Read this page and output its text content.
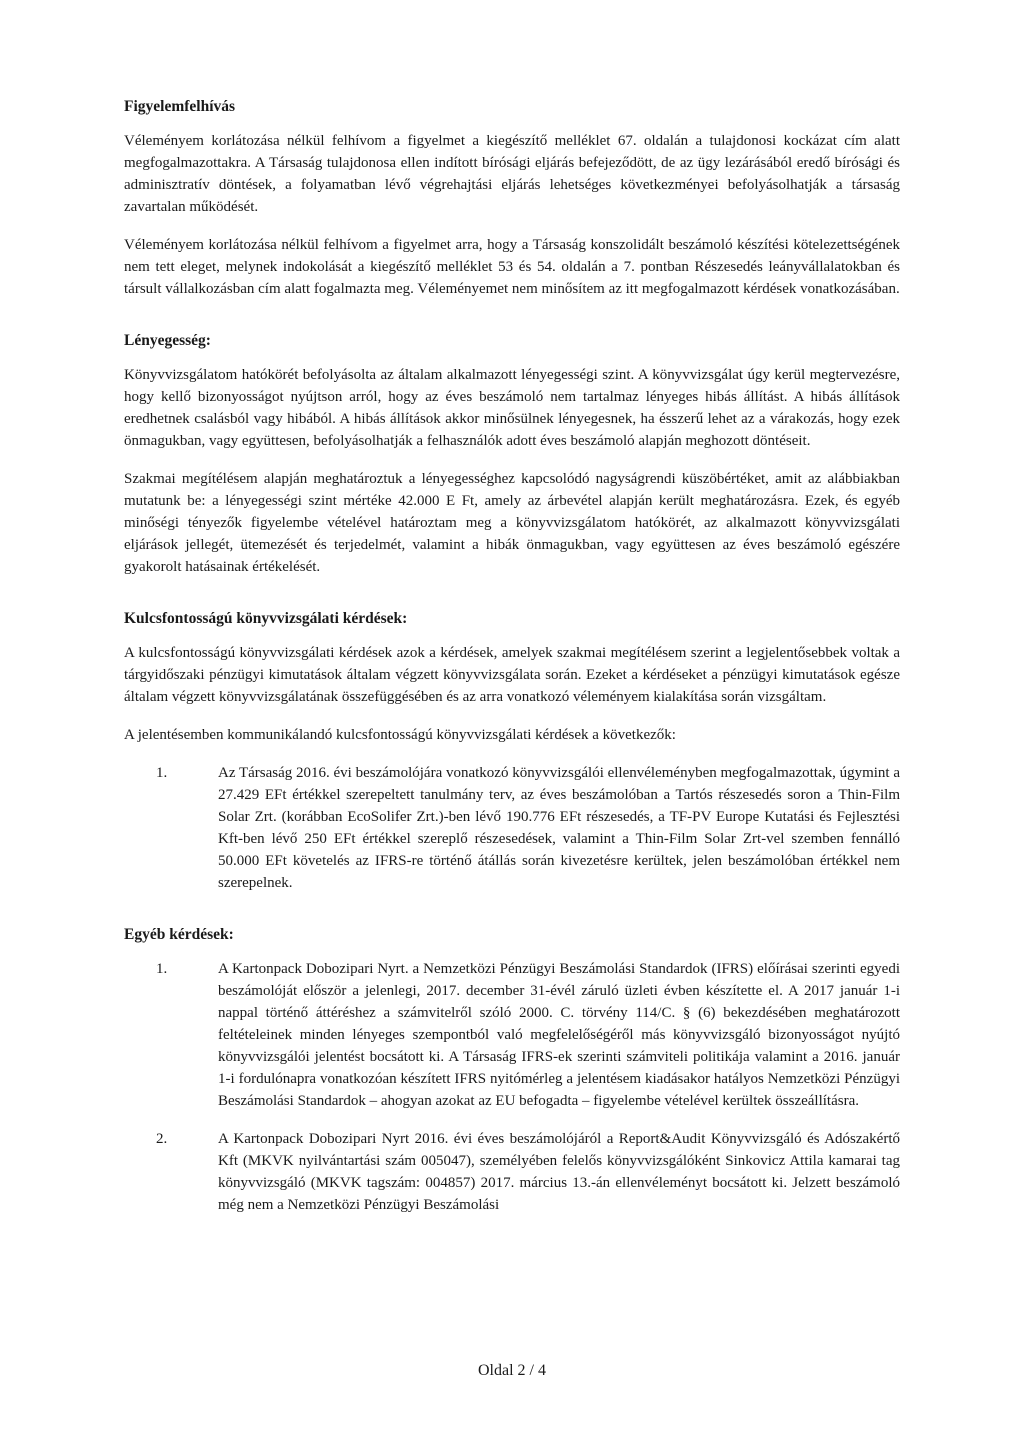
Figyelemfelhívás

Véleményem korlátozása nélkül felhívom a figyelmet a kiegészítő melléklet 67. oldalán a tulajdonosi kockázat cím alatt megfogalmazottakra. A Társaság tulajdonosa ellen indított bírósági eljárás befejeződött, de az ügy lezárásából eredő bírósági és adminisztratív döntések, a folyamatban lévő végrehajtási eljárás lehetséges következményei befolyásolhatják a társaság zavartalan működését.

Véleményem korlátozása nélkül felhívom a figyelmet arra, hogy a Társaság konszolidált beszámoló készítési kötelezettségének nem tett eleget, melynek indokolását a kiegészítő melléklet 53 és 54. oldalán a 7. pontban Részesedés leányvállalatokban és társult vállalkozásban cím alatt fogalmazta meg. Véleményemet nem minősítem az itt megfogalmazott kérdések vonatkozásában.

Lényegesség:

Könyvvizsgálatom hatókörét befolyásolta az általam alkalmazott lényegességi szint. A könyvvizsgálat úgy kerül megtervezésre, hogy kellő bizonyosságot nyújtson arról, hogy az éves beszámoló nem tartalmaz lényeges hibás állítást. A hibás állítások eredhetnek csalásból vagy hibából. A hibás állítások akkor minősülnek lényegesnek, ha ésszerű lehet az a várakozás, hogy ezek önmagukban, vagy együttesen, befolyásolhatják a felhasználók adott éves beszámoló alapján meghozott döntéseit.

Szakmai megítélésem alapján meghatároztuk a lényegességhez kapcsolódó nagyságrendi küszöbértéket, amit az alábbiakban mutatunk be: a lényegességi szint mértéke 42.000 E Ft, amely az árbevétel alapján került meghatározásra. Ezek, és egyéb minőségi tényezők figyelembe vételével határoztam meg a könyvvizsgálatom hatókörét, az alkalmazott könyvvizsgálati eljárások jellegét, ütemezését és terjedelmét, valamint a hibák önmagukban, vagy együttesen az éves beszámoló egészére gyakorolt hatásainak értékelését.

Kulcsfontosságú könyvvizsgálati kérdések:

A kulcsfontosságú könyvvizsgálati kérdések azok a kérdések, amelyek szakmai megítélésem szerint a legjelentősebbek voltak a tárgyidőszaki pénzügyi kimutatások általam végzett könyvvizsgálata során. Ezeket a kérdéseket a pénzügyi kimutatások egésze általam végzett könyvvizsgálatának összefüggésében és az arra vonatkozó véleményem kialakítása során vizsgáltam.

A jelentésemben kommunikálandó kulcsfontosságú könyvvizsgálati kérdések a következők:

1.	Az Társaság 2016. évi beszámolójára vonatkozó könyvvizsgálói ellenvéleményben megfogalmazottak, úgymint a 27.429 EFt értékkel szerepeltett tanulmány terv, az éves beszámolóban a Tartós részesedés soron a Thin-Film Solar Zrt. (korábban EcoSolifer Zrt.)-ben lévő 190.776 EFt részesedés, a TF-PV Europe Kutatási és Fejlesztési Kft-ben lévő 250 EFt értékkel szereplő részesedések, valamint a Thin-Film Solar Zrt-vel szemben fennálló 50.000 EFt követelés az IFRS-re történő átállás során kivezetésre kerültek, jelen beszámolóban értékkel nem szerepelnek.
Egyéb kérdések:
1.	A Kartonpack Dobozipari Nyrt. a Nemzetközi Pénzügyi Beszámolási Standardok (IFRS) előírásai szerinti egyedi beszámolóját először a jelenlegi, 2017. december 31-évél záruló üzleti évben készítette el. A 2017 január 1-i nappal történő áttéréshez a számvitelről szóló 2000. C. törvény 114/C. § (6) bekezdésében meghatározott feltételeinek minden lényeges szempontból való megfelelőségéről más könyvvizsgáló bizonyosságot nyújtó könyvvizsgálói jelentést bocsátott ki. A Társaság IFRS-ek szerinti számviteli politikája valamint a 2016. január 1-i fordulónapra vonatkozóan készített IFRS nyitómérleg a jelentésem kiadásakor hatályos Nemzetközi Pénzügyi Beszámolási Standardok – ahogyan azokat az EU befogadta – figyelembe vételével kerültek összeállításra.
2.	A Kartonpack Dobozipari Nyrt 2016. évi éves beszámolójáról a Report&Audit Könyvvizsgáló és Adószakértő Kft (MKVK nyilvántartási szám 005047), személyében felelős könyvvizsgálóként Sinkovicz Attila kamarai tag könyvvizsgáló (MKVK tagszám: 004857) 2017. március 13.-án ellenvéleményt bocsátott ki. Jelzett beszámoló még nem a Nemzetközi Pénzügyi Beszámolási
Oldal 2 / 4
